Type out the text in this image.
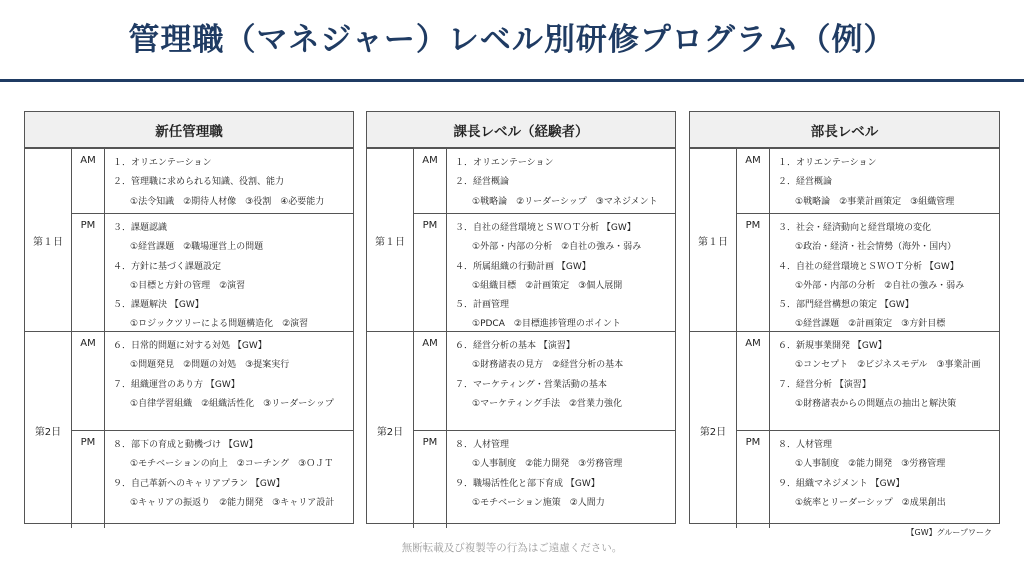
管理職（マネジャー）レベル別研修プログラム（例）
新任管理職
第１日
AM	１．オリエンテーション
２．管理職に求められる知識、役割、能力
①法令知識　②期待人材像　③役割　④必要能力
PM	３．課題認識
①経営課題　②職場運営上の問題
４．方針に基づく課題設定
①目標と方針の管理　②演習
５．課題解決 【GW】
①ロジックツリーによる問題構造化　②演習
第2日
AM	６．日常的問題に対する対処 【GW】
①問題発見　②問題の対処　③提案実行
７．組織運営のあり方 【GW】
①自律学習組織　②組織活性化　③リーダーシップ
PM	８．部下の育成と動機づけ 【GW】
①モチベーションの向上　②コーチング　③ＯＪＴ
９．自己革新へのキャリアプラン 【GW】
①キャリアの振返り　②能力開発　③キャリア設計
課長レベル（経験者）
第１日
AM	１．オリエンテーション
２．経営概論
①戦略論　②リーダーシップ　③マネジメント
PM	３．自社の経営環境とＳＷＯＴ分析 【GW】
①外部・内部の分析　②自社の強み・弱み
４．所属組織の行動計画 【GW】
①組織目標　②計画策定　③個人展開
５．計画管理
①PDCA　②目標進捗管理のポイント
第2日
AM	６．経営分析の基本 【演習】
①財務諸表の見方　②経営分析の基本
７．マーケティング・営業活動の基本
①マーケティング手法　②営業力強化
PM	８．人材管理
①人事制度　②能力開発　③労務管理
９．職場活性化と部下育成 【GW】
①モチベーション施策　②人間力
部長レベル
第１日
AM	１．オリエンテーション
２．経営概論
①戦略論　②事業計画策定　③組織管理
PM	３．社会・経済動向と経営環境の変化
①政治・経済・社会情勢（海外・国内）
４．自社の経営環境とＳＷＯＴ分析 【GW】
①外部・内部の分析　②自社の強み・弱み
５．部門経営構想の策定 【GW】
①経営課題　②計画策定　③方針目標
第2日
AM	６．新規事業開発 【GW】
①コンセプト　②ビジネスモデル　③事業計画
７．経営分析 【演習】
①財務諸表からの問題点の抽出と解決策
PM	８．人材管理
①人事制度　②能力開発　③労務管理
９．組織マネジメント 【GW】
①統率とリーダーシップ　②成果創出
【GW】グループワーク
無断転載及び複製等の行為はご遠慮ください。
